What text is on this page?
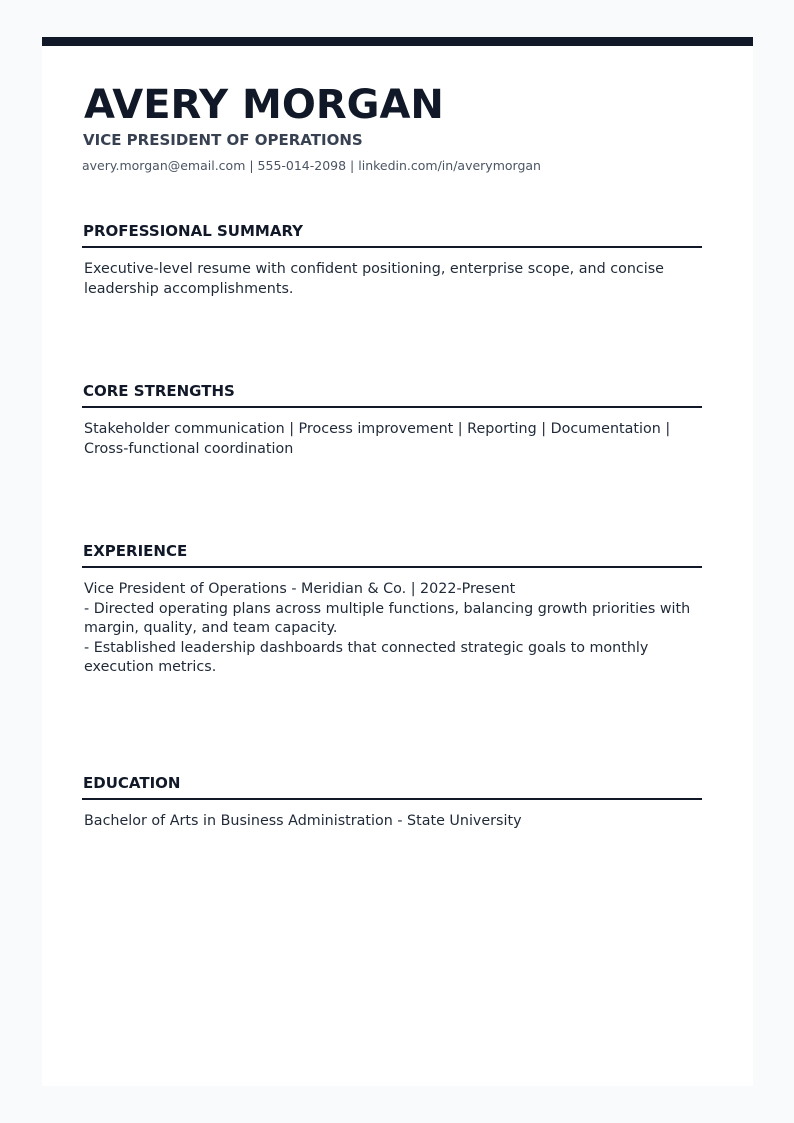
AVERY MORGAN
VICE PRESIDENT OF OPERATIONS
avery.morgan@email.com | 555-014-2098 | linkedin.com/in/averymorgan
PROFESSIONAL SUMMARY
Executive-level resume with confident positioning, enterprise scope, and concise leadership accomplishments.
CORE STRENGTHS
Stakeholder communication | Process improvement | Reporting | Documentation | Cross-functional coordination
EXPERIENCE
Vice President of Operations - Meridian & Co. | 2022-Present
- Directed operating plans across multiple functions, balancing growth priorities with margin, quality, and team capacity.
- Established leadership dashboards that connected strategic goals to monthly execution metrics.
EDUCATION
Bachelor of Arts in Business Administration - State University
